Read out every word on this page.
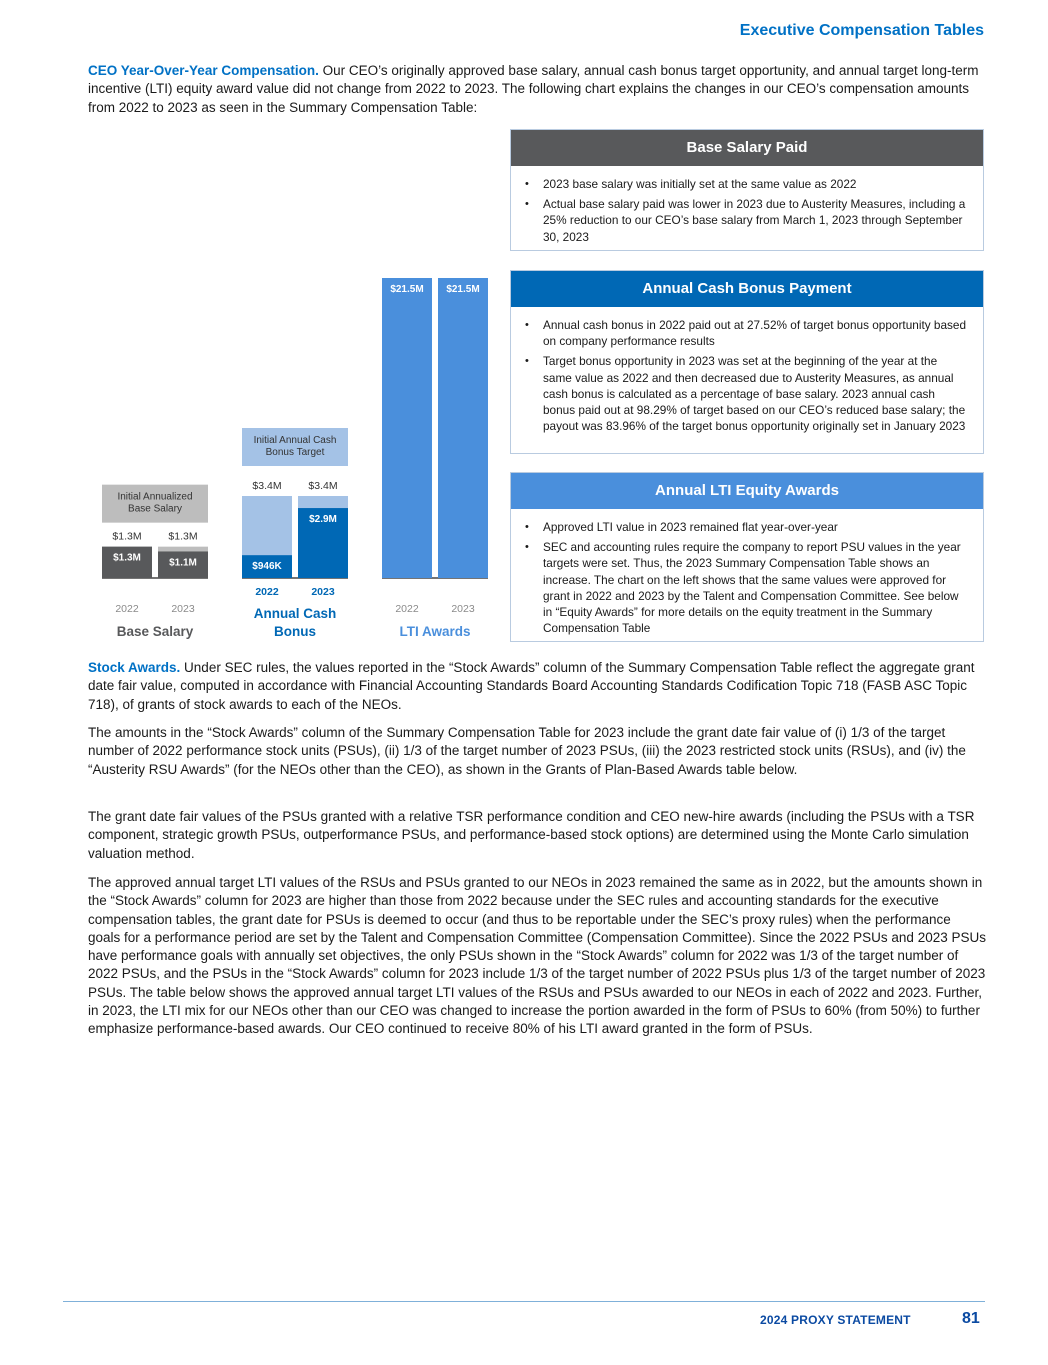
Executive Compensation Tables

CEO Year-Over-Year Compensation. Our CEO’s originally approved base salary, annual cash bonus target opportunity, and annual target long-term incentive (LTI) equity award value did not change from 2022 to 2023. The following chart explains the changes in our CEO’s compensation amounts from 2022 to 2023 as seen in the Summary Compensation Table:

Base Salary Paid
• 2023 base salary was initially set at the same value as 2022
• Actual base salary paid was lower in 2023 due to Austerity Measures, including a 25% reduction to our CEO’s base salary from March 1, 2023 through September 30, 2023
Annual Cash Bonus Payment
• Annual cash bonus in 2022 paid out at 27.52% of target bonus opportunity based on company performance results
• Target bonus opportunity in 2023 was set at the beginning of the year at the same value as 2022 and then decreased due to Austerity Measures, as annual cash bonus is calculated as a percentage of base salary. 2023 annual cash bonus paid out at 98.29% of target based on our CEO’s reduced base salary; the payout was 83.96% of the target bonus opportunity originally set in January 2023
Annual LTI Equity Awards
• Approved LTI value in 2023 remained flat year-over-year
• SEC and accounting rules require the company to report PSU values in the year targets were set. Thus, the 2023 Summary Compensation Table shows an increase. The chart on the left shows that the same values were approved for grant in 2022 and 2023 by the Talent and Compensation Committee. See below in “Equity Awards” for more details on the equity treatment in the Summary Compensation Table
$1.3M
$1.3M
2022
$1.3M
$1.1M
2023
Initial Annualized
Base Salary
Base Salary
$3.4M
$946K
2022
$3.4M
$2.9M
2023
Initial Annual Cash
Bonus Target
Annual Cash
Bonus
$21.5M
2022
$21.5M
2023
LTI Awards

Stock Awards. Under SEC rules, the values reported in the “Stock Awards” column of the Summary Compensation Table reflect the aggregate grant date fair value, computed in accordance with Financial Accounting Standards Board Accounting Standards Codification Topic 718 (FASB ASC Topic 718), of grants of stock awards to each of the NEOs.

The amounts in the “Stock Awards” column of the Summary Compensation Table for 2023 include the grant date fair value of (i) 1/3 of the target number of 2022 performance stock units (PSUs), (ii) 1/3 of the target number of 2023 PSUs, (iii) the 2023 restricted stock units (RSUs), and (iv) the “Austerity RSU Awards” (for the NEOs other than the CEO), as shown in the Grants of Plan-Based Awards table below.

The grant date fair values of the PSUs granted with a relative TSR performance condition and CEO new-hire awards (including the PSUs with a TSR component, strategic growth PSUs, outperformance PSUs, and performance-based stock options) are determined using the Monte Carlo simulation valuation method.

The approved annual target LTI values of the RSUs and PSUs granted to our NEOs in 2023 remained the same as in 2022, but the amounts shown in the “Stock Awards” column for 2023 are higher than those from 2022 because under the SEC rules and accounting standards for the executive compensation tables, the grant date for PSUs is deemed to occur (and thus to be reportable under the SEC’s proxy rules) when the performance goals for a performance period are set by the Talent and Compensation Committee (Compensation Committee). Since the 2022 PSUs and 2023 PSUs have performance goals with annually set objectives, the only PSUs shown in the “Stock Awards” column for 2022 was 1/3 of the target number of 2022 PSUs, and the PSUs in the “Stock Awards” column for 2023 include 1/3 of the target number of 2022 PSUs plus 1/3 of the target number of 2023 PSUs. The table below shows the approved annual target LTI values of the RSUs and PSUs awarded to our NEOs in each of 2022 and 2023. Further, in 2023, the LTI mix for our NEOs other than our CEO was changed to increase the portion awarded in the form of PSUs to 60% (from 50%) to further emphasize performance-based awards. Our CEO continued to receive 80% of his LTI award granted in the form of PSUs.

2024 PROXY STATEMENT	81
